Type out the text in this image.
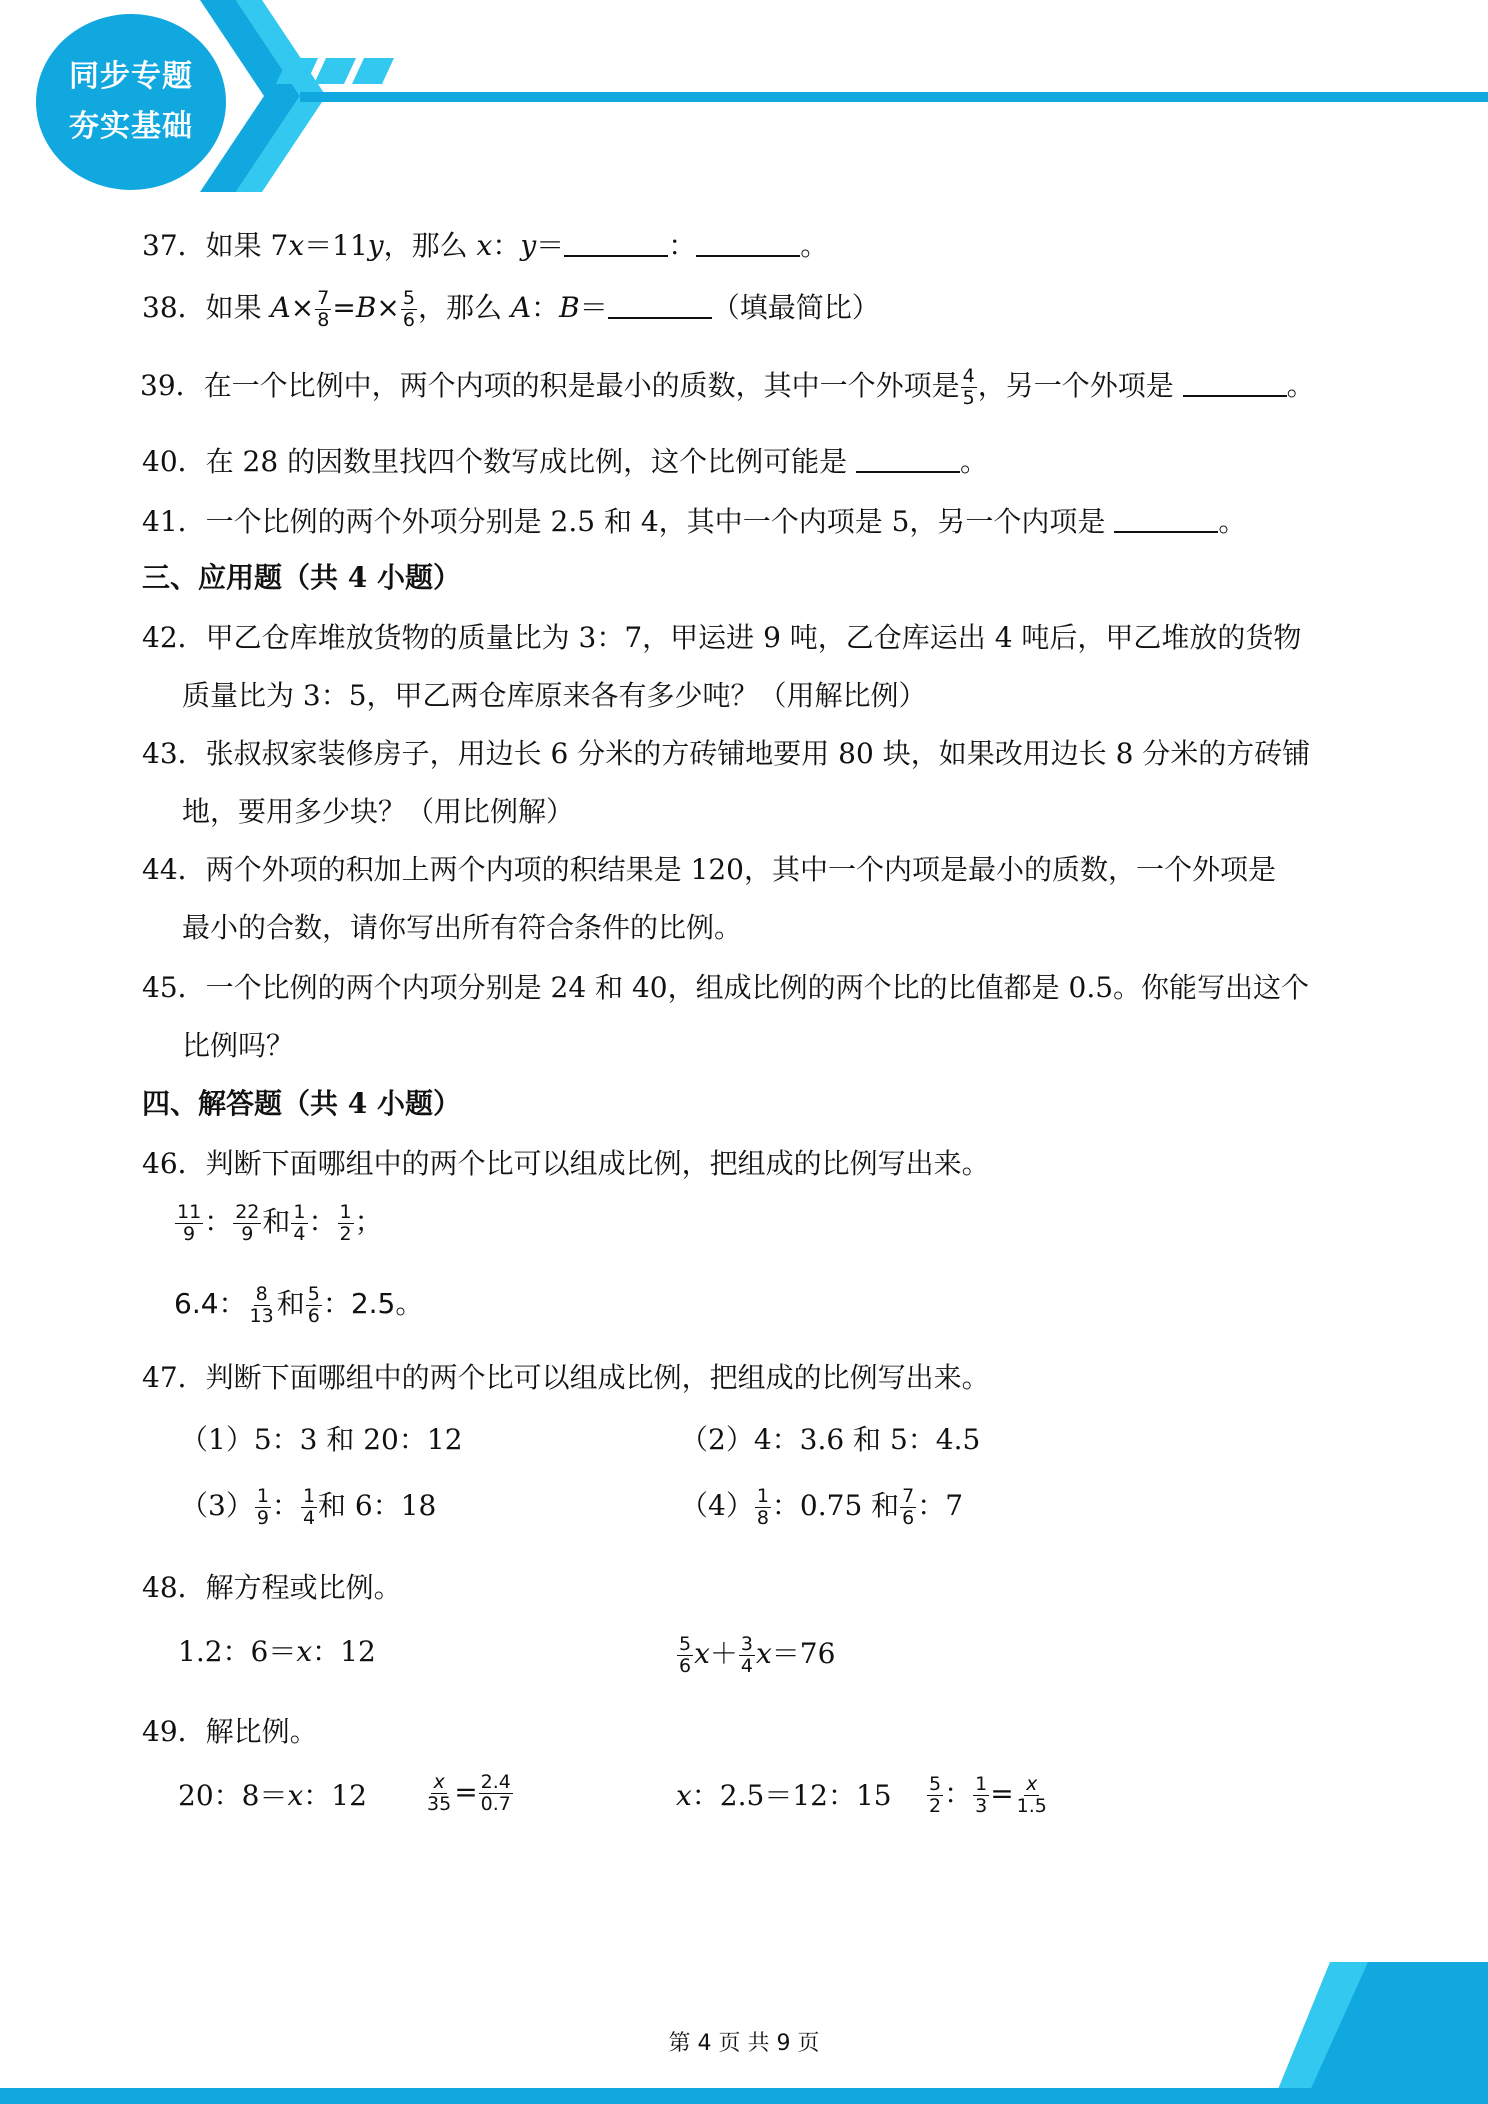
同步专题
夯实基础
37．如果 7x＝11y，那么 x：y＝	：	。
38．如果 $A\times \frac{7}{8} =B\times \frac{5}{6}$ ，那么 A：B＝	（填最简比）
39．在一个比例中，两个内项的积是最小的质数，其中一个外项是 $\frac{4}{5}$ ，另一个外项是	。
40．在 28 的因数里找四个数写成比例，这个比例可能是	。
41．一个比例的两个外项分别是 2.5 和 4，其中一个内项是 5，另一个内项是	。
三、应用题（共 4 小题）
42．甲乙仓库堆放货物的质量比为 3：7，甲运进 9 吨，乙仓库运出 4 吨后，甲乙堆放的货物
质量比为 3：5，甲乙两仓库原来各有多少吨？（用解比例）
43．张叔叔家装修房子，用边长 6 分米的方砖铺地要用 80 块，如果改用边长 8 分米的方砖铺
地，要用多少块？（用比例解）
44．两个外项的积加上两个内项的积结果是 120，其中一个内项是最小的质数，一个外项是
最小的合数，请你写出所有符合条件的比例。
45．一个比例的两个内项分别是 24 和 40，组成比例的两个比的比值都是 0.5。你能写出这个
比例吗？
四、解答题（共 4 小题）
46．判断下面哪组中的两个比可以组成比例，把组成的比例写出来。
$\frac{11}{9}$ ： $\frac{22}{9}$ 和 $\frac{1}{4}$ ： $\frac{1}{2}$ ；
6.4： $\frac{8}{13}$ 和 $\frac{5}{6}$ ：2.5。
47．判断下面哪组中的两个比可以组成比例，把组成的比例写出来。
（1）5：3 和 20：12	（2）4：3.6 和 5：4.5
$(3) \frac{1}{9}$ ： $\frac{1}{4}$ 和 6：18	$(4) \frac{1}{8}$ ：0.75 和 $\frac{7}{6}$ ：7
48．解方程或比例。
1.2：6＝x：12	$\frac{5}{6} x+ \frac{3}{4} x=76$
49．解比例。
20：8＝x：12	$\frac{x}{35} = \frac{2.4}{0.7}$	x：2.5＝12：$15 \frac{5}{2}$ ： $\frac{1}{3} = \frac{x}{1.5}$
第 4 页 共 9 页
